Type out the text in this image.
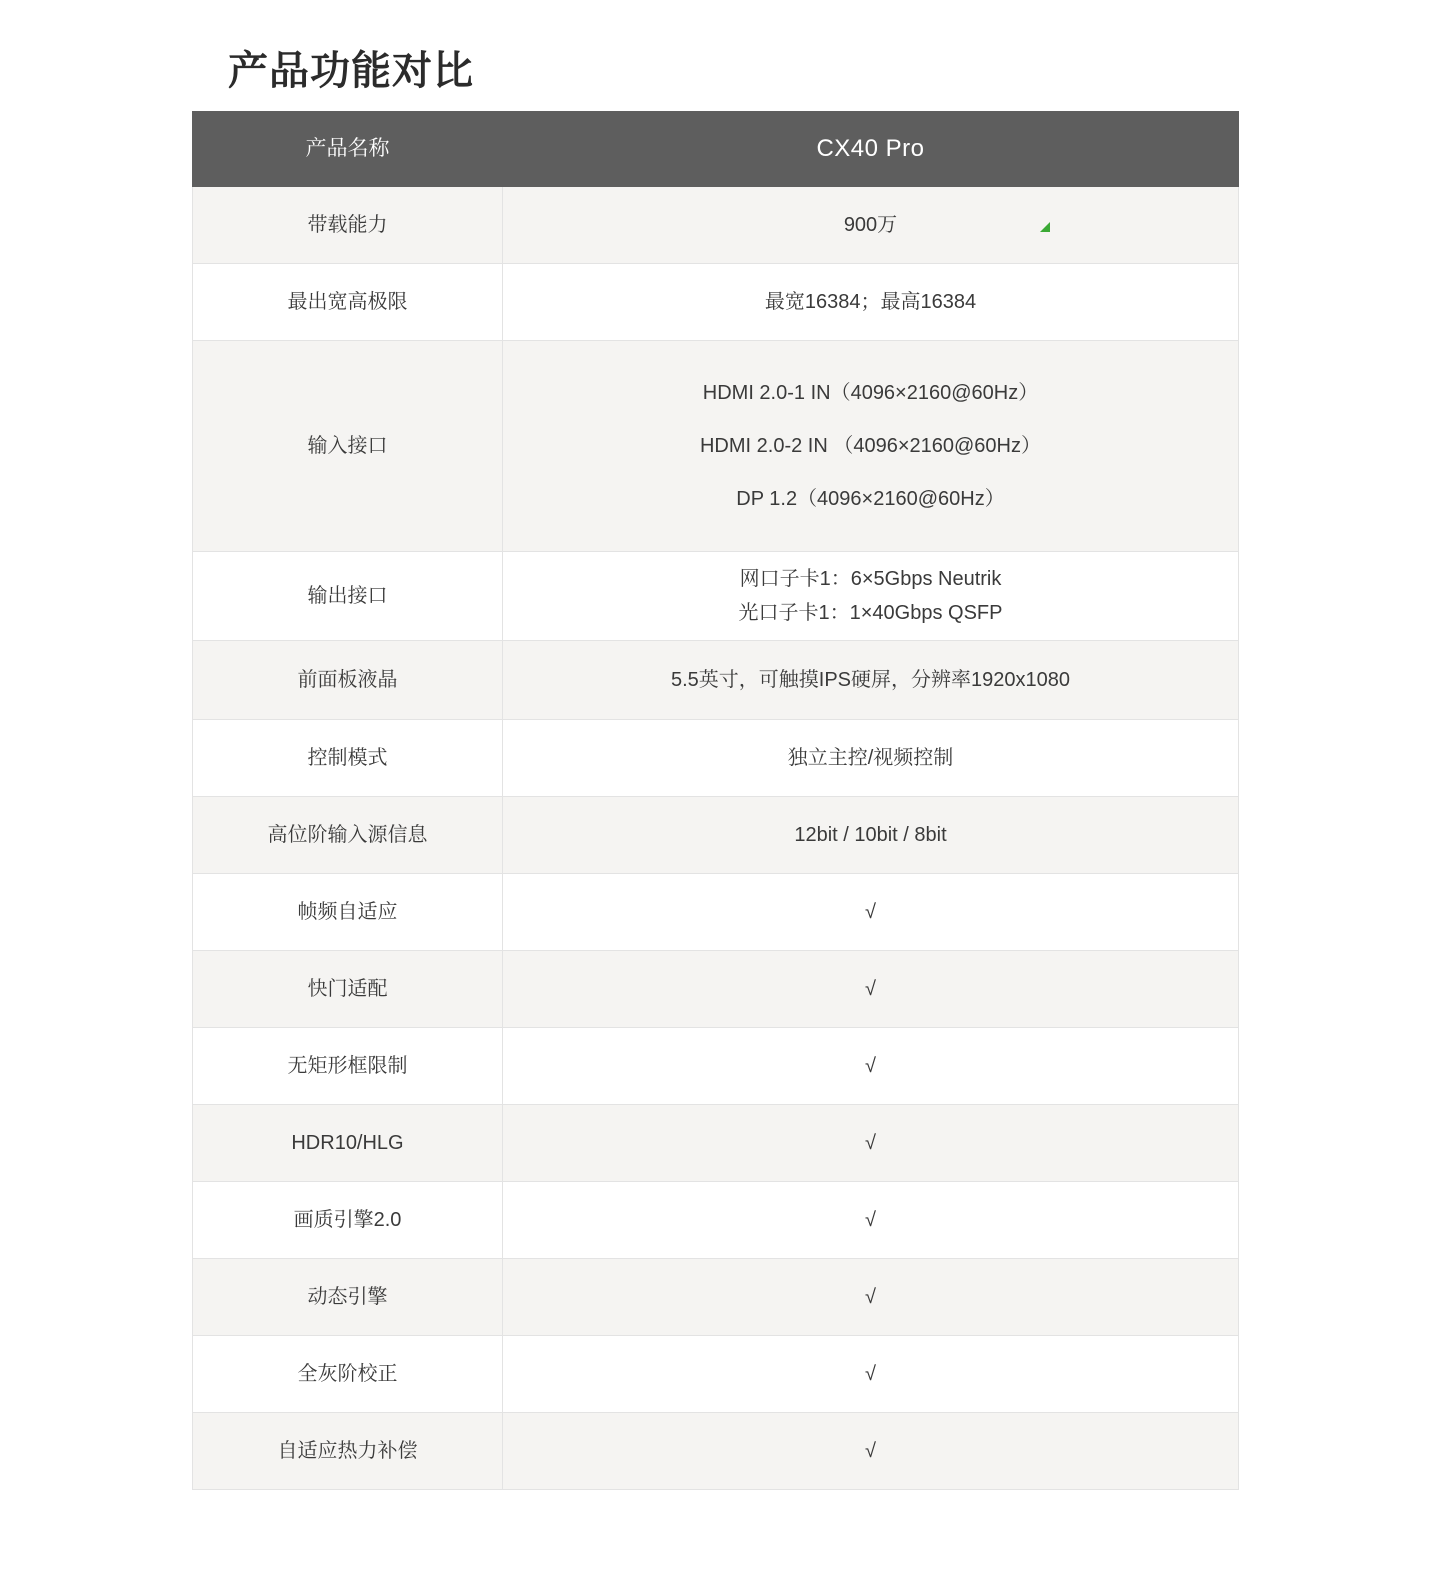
产品功能对比
产品名称	CX40 Pro
带载能力	900万
最出宽高极限	最宽16384；最高16384
输入接口	HDMI 2.0-1 IN（4096×2160@60Hz）

HDMI 2.0-2 IN （4096×2160@60Hz）

DP 1.2（4096×2160@60Hz）

输出接口	网口子卡1：6×5Gbps Neutrik
光口子卡1：1×40Gbps QSFP

前面板液晶	5.5英寸，可触摸IPS硬屏，分辨率1920x1080
控制模式	独立主控/视频控制
高位阶输入源信息	12bit / 10bit / 8bit
帧频自适应	√
快门适配	√
无矩形框限制	√
HDR10/HLG	√
画质引擎2.0	√
动态引擎	√
全灰阶校正	√
自适应热力补偿	√
